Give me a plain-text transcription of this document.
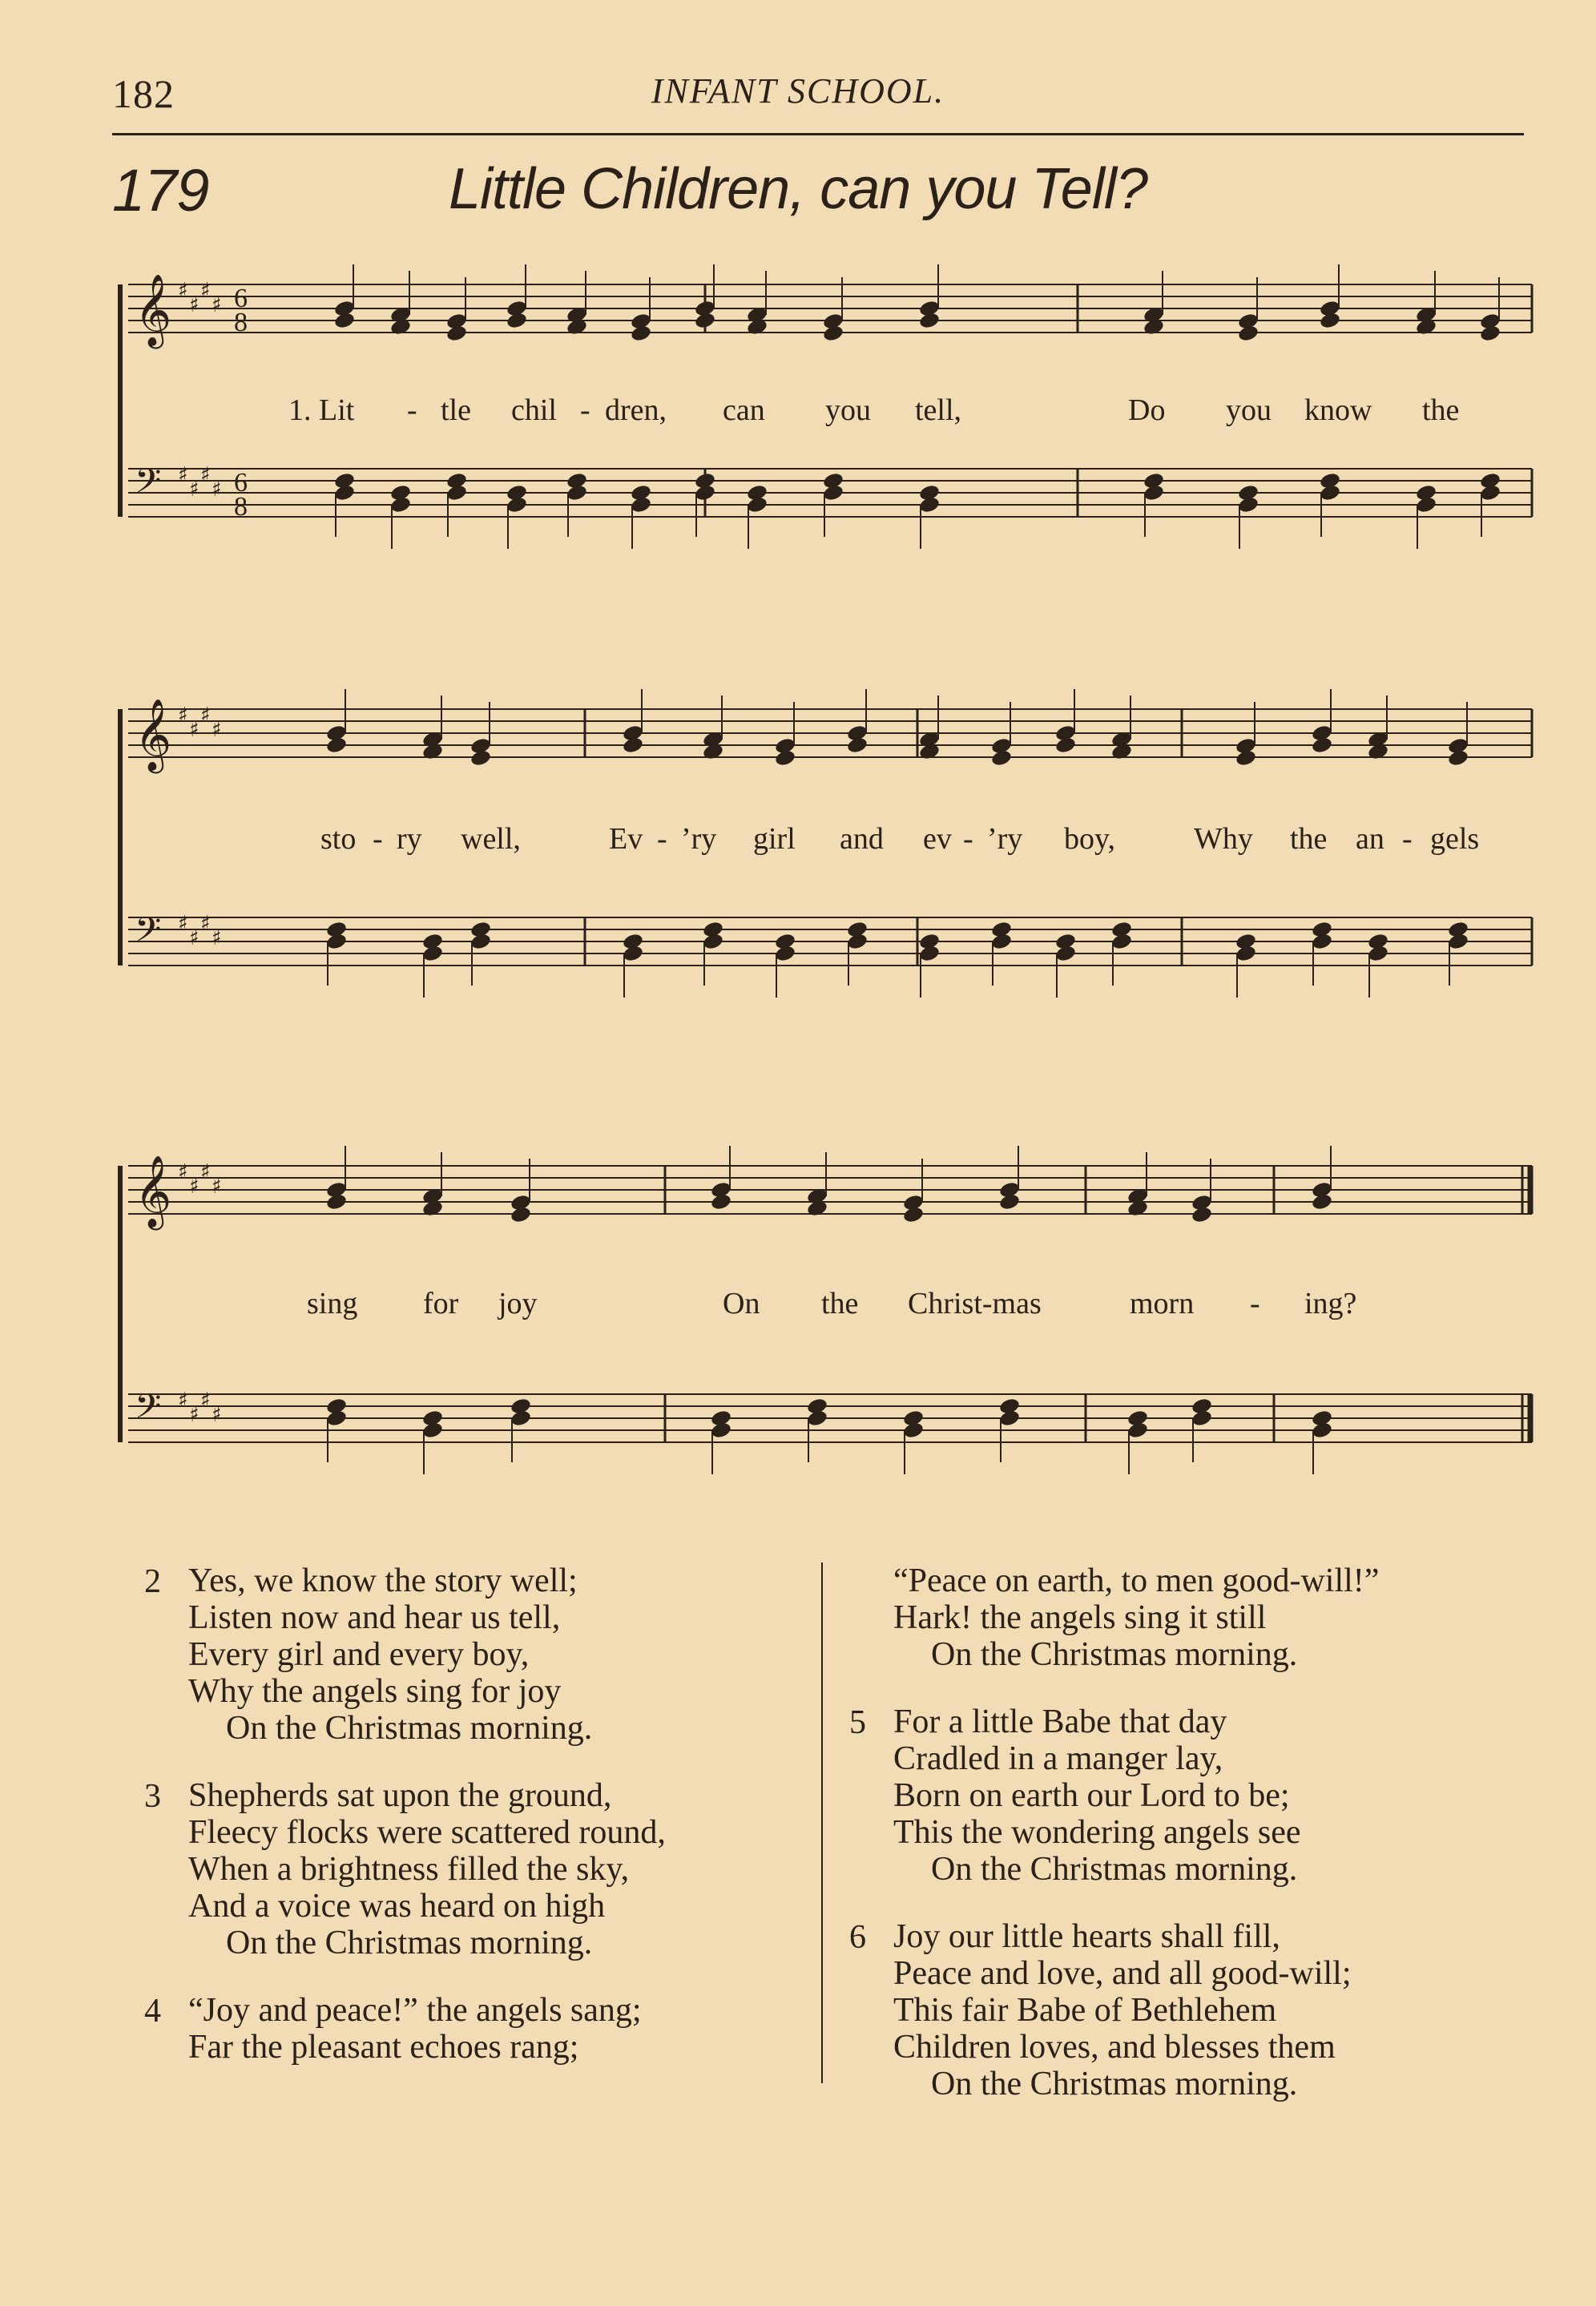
182	INFANT SCHOOL.
179	Little Children, can you Tell?
𝄞 ♯
♯
♯
♯ 6
8
𝄢 ♯
♯
♯
♯ 6
8
𝄞 ♯
♯
♯
♯
𝄢 ♯
♯
♯
♯
𝄞 ♯
♯
♯
♯
𝄢 ♯
♯
♯
♯
1. Lit - tle chil - dren, can you tell,	Do you know the
sto - ry well,	Ev - ’ry girl and ev - ’ry boy,	Why the an - gels
sing for joy	On the Christ-mas	morn - ing?
2 Yes, we know the story well;
Listen now and hear us tell,
Every girl and every boy,
Why the angels sing for joy
On the Christmas morning.
3 Shepherds sat upon the ground,
Fleecy flocks were scattered round,
When a brightness filled the sky,
And a voice was heard on high
On the Christmas morning.
4 “Joy and peace!” the angels sang;
Far the pleasant echoes rang;
“Peace on earth, to men good-will!”
Hark! the angels sing it still
On the Christmas morning.
5 For a little Babe that day
Cradled in a manger lay,
Born on earth our Lord to be;
This the wondering angels see
On the Christmas morning.
6 Joy our little hearts shall fill,
Peace and love, and all good-will;
This fair Babe of Bethlehem
Children loves, and blesses them
On the Christmas morning.
